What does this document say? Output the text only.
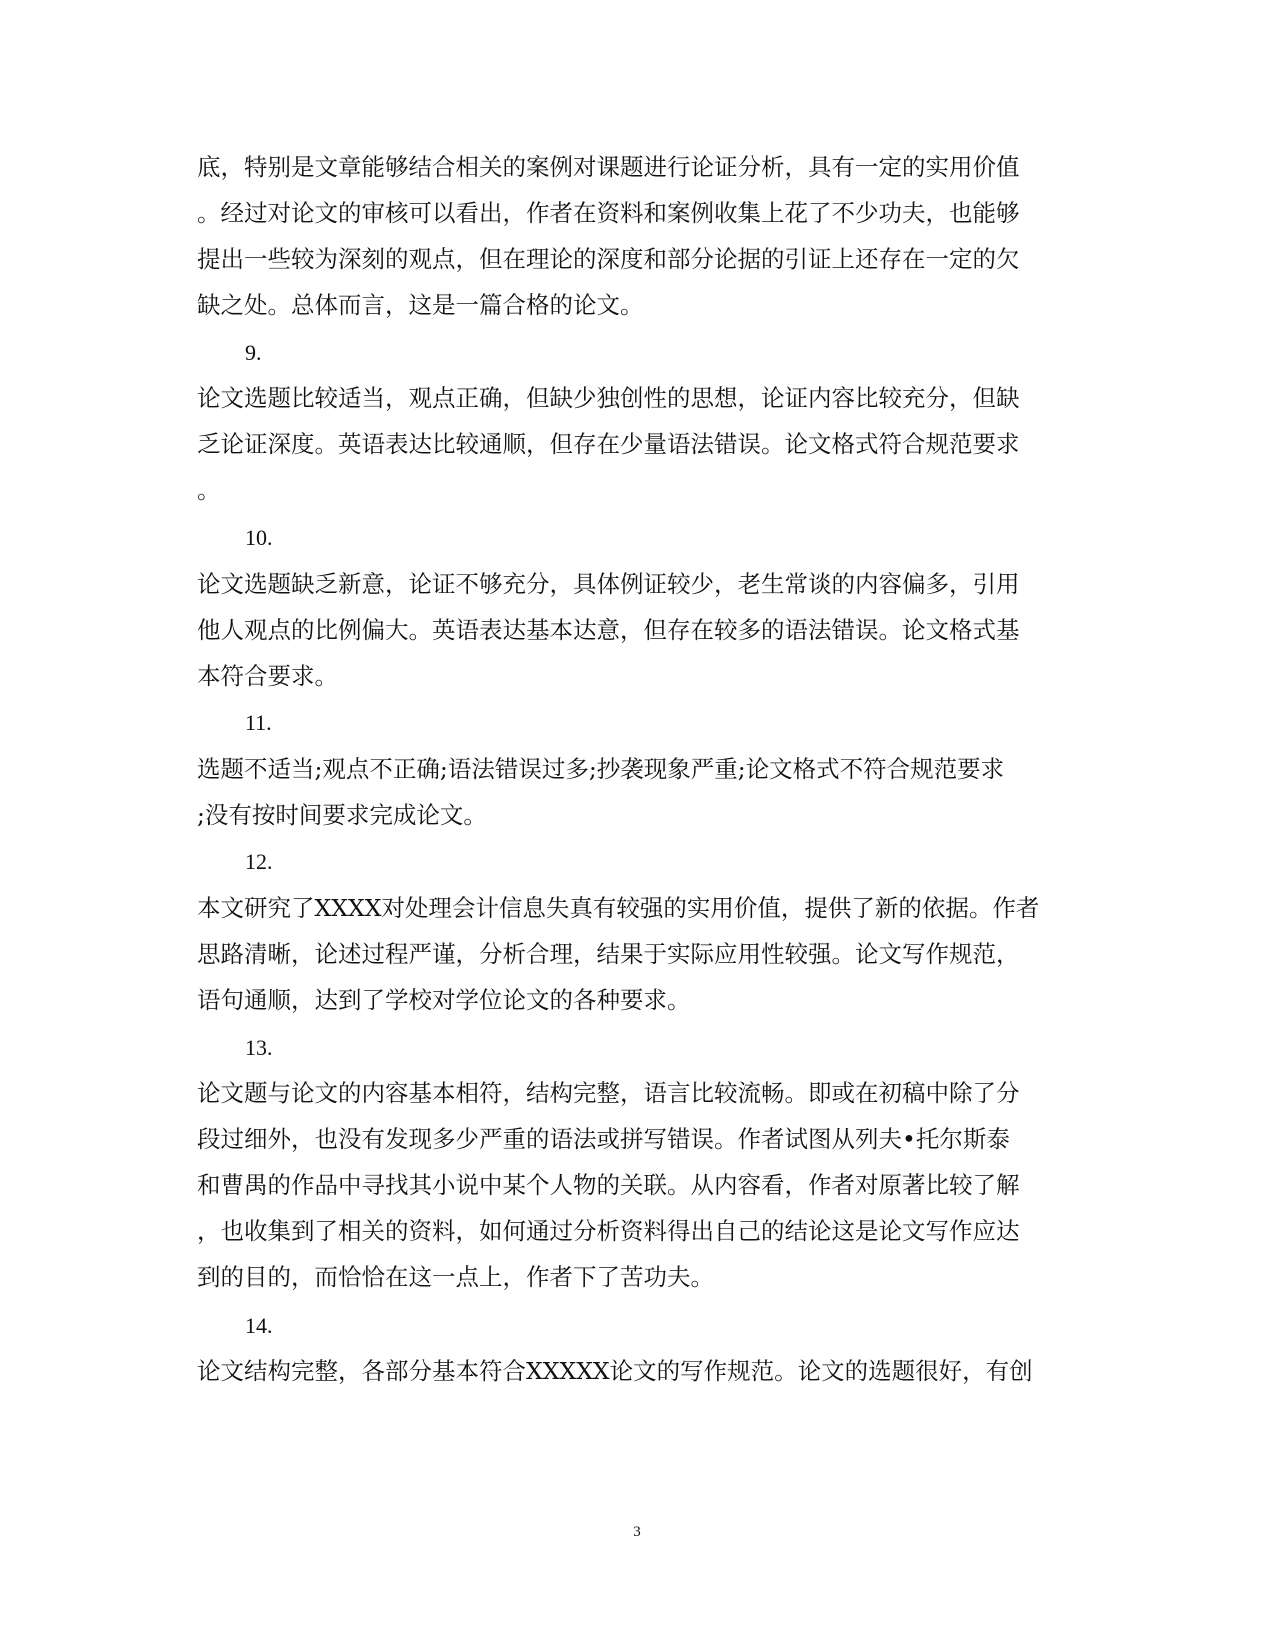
底，特别是文章能够结合相关的案例对课题进行论证分析，具有一定的实用价值
。经过对论文的审核可以看出，作者在资料和案例收集上花了不少功夫，也能够
提出一些较为深刻的观点，但在理论的深度和部分论据的引证上还存在一定的欠
缺之处。总体而言，这是一篇合格的论文。
9.
论文选题比较适当，观点正确，但缺少独创性的思想，论证内容比较充分，但缺
乏论证深度。英语表达比较通顺，但存在少量语法错误。论文格式符合规范要求
。
10.
论文选题缺乏新意，论证不够充分，具体例证较少，老生常谈的内容偏多，引用
他人观点的比例偏大。英语表达基本达意，但存在较多的语法错误。论文格式基
本符合要求。
11.
选题不适当;观点不正确;语法错误过多;抄袭现象严重;论文格式不符合规范要求
;没有按时间要求完成论文。
12.
本文研究了XXXX对处理会计信息失真有较强的实用价值，提供了新的依据。作者
思路清晰，论述过程严谨，分析合理，结果于实际应用性较强。论文写作规范，
语句通顺，达到了学校对学位论文的各种要求。
13.
论文题与论文的内容基本相符，结构完整，语言比较流畅。即或在初稿中除了分
段过细外，也没有发现多少严重的语法或拼写错误。作者试图从列夫•托尔斯泰
和曹禺的作品中寻找其小说中某个人物的关联。从内容看，作者对原著比较了解
，也收集到了相关的资料，如何通过分析资料得出自己的结论这是论文写作应达
到的目的，而恰恰在这一点上，作者下了苦功夫。
14.
论文结构完整，各部分基本符合XXXXX论文的写作规范。论文的选题很好，有创
3
